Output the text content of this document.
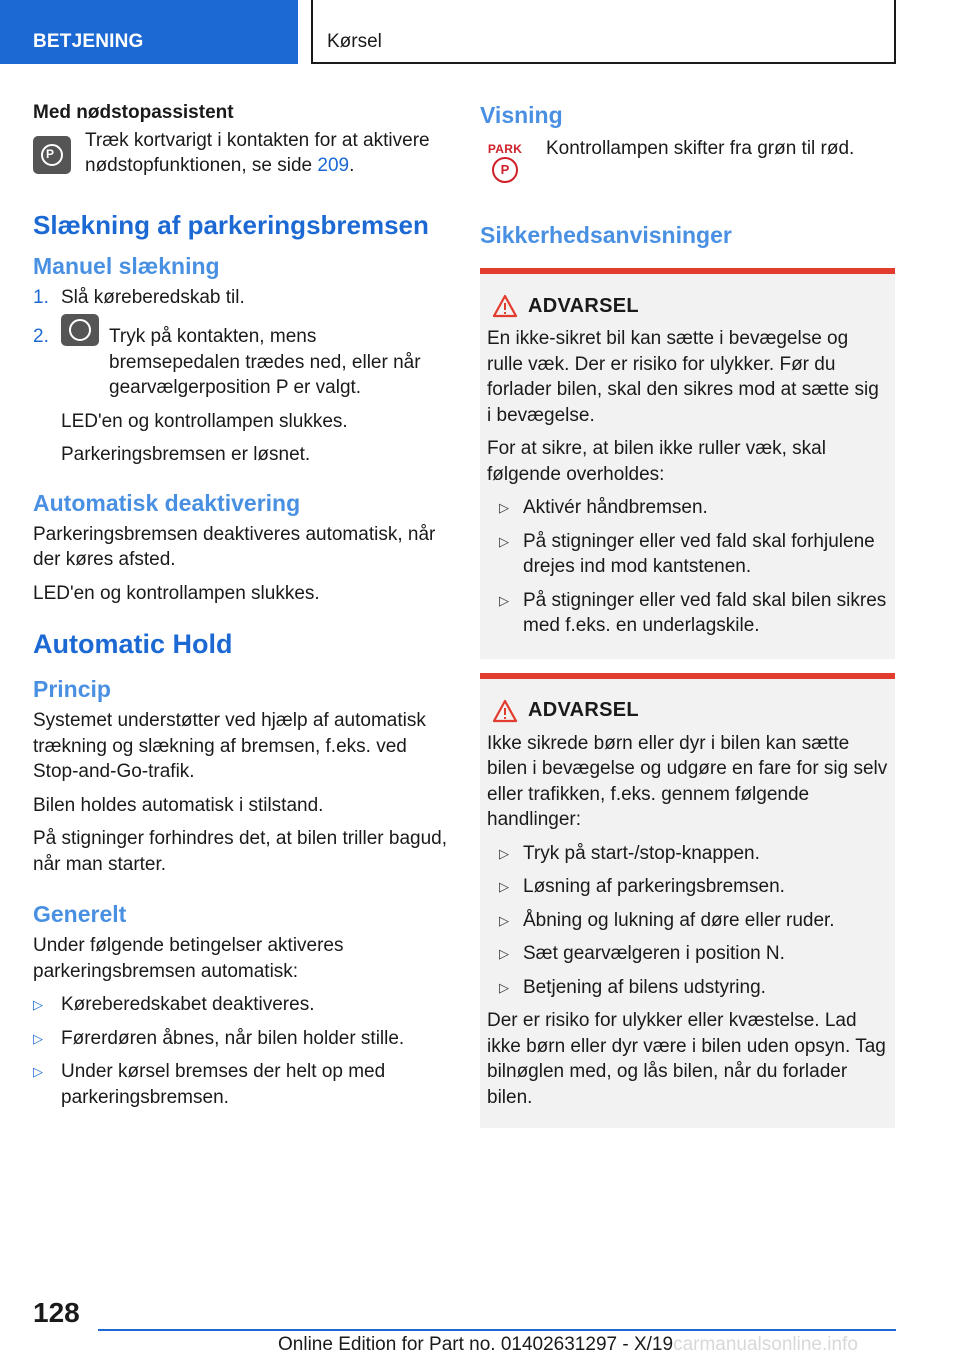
BETJENING	Kørsel

Med nødstopassistent

P

Træk kortvarigt i kontakten for at aktivere nødstopfunktionen, se side 209.

Slækning af parkeringsbremsen
Manuel slækning
1. Slå køreberedskab til.

2.	Tryk på kontakten, mens bremsepedalen trædes ned, eller når gearvælgerposition P er valgt.

LED'en og kontrollampen slukkes.

Parkeringsbremsen er løsnet.

Automatisk deaktivering

Parkeringsbremsen deaktiveres automatisk, når der køres afsted.

LED'en og kontrollampen slukkes.

Automatic Hold
Princip

Systemet understøtter ved hjælp af automatisk trækning og slækning af bremsen, f.eks. ved Stop-and-Go-trafik.

Bilen holdes automatisk i stilstand.

På stigninger forhindres det, at bilen triller bagud, når man starter.

Generelt

Under følgende betingelser aktiveres parkeringsbremsen automatisk:

▷ Køreberedskabet deaktiveres.

▷ Førerdøren åbnes, når bilen holder stille.

▷ Under kørsel bremses der helt op med parkeringsbremsen.

Visning
PARK
P

Kontrollampen skifter fra grøn til rød.

Sikkerhedsanvisninger
ADVARSEL

En ikke-sikret bil kan sætte i bevægelse og rulle væk. Der er risiko for ulykker. Før du forlader bilen, skal den sikres mod at sætte sig i bevægelse.

For at sikre, at bilen ikke ruller væk, skal følgende overholdes:

▷ Aktivér håndbremsen.

▷ På stigninger eller ved fald skal forhjulene drejes ind mod kantstenen.

▷ På stigninger eller ved fald skal bilen sikres med f.eks. en underlagskile.

ADVARSEL

Ikke sikrede børn eller dyr i bilen kan sætte bilen i bevægelse og udgøre en fare for sig selv eller trafikken, f.eks. gennem følgende handlinger:

▷ Tryk på start-/stop-knappen.

▷ Løsning af parkeringsbremsen.

▷ Åbning og lukning af døre eller ruder.

▷ Sæt gearvælgeren i position N.

▷ Betjening af bilens udstyring.

Der er risiko for ulykker eller kvæstelse. Lad ikke børn eller dyr være i bilen uden opsyn. Tag bilnøglen med, og lås bilen, når du forlader bilen.

128
Online Edition for Part no. 01402631297 - X/19carmanualsonline.info
